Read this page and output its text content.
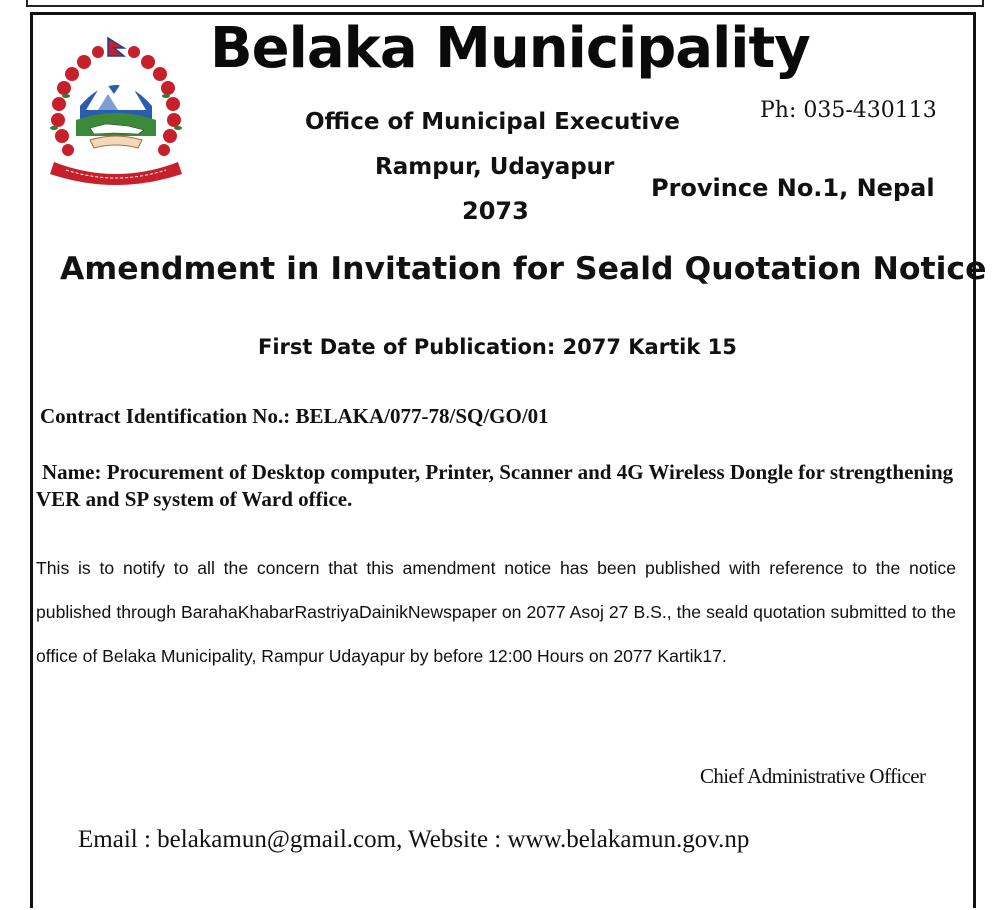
Belaka Municipality
Office of Municipal Executive
Rampur, Udayapur
2073
Ph: 035-430113
Province No.1, Nepal
Amendment in Invitation for Seald Quotation Notice
First Date of Publication: 2077 Kartik 15
Contract Identification No.: BELAKA/077-78/SQ/GO/01
Name: Procurement of Desktop computer, Printer, Scanner and 4G Wireless Dongle for strengthening VER and SP system of Ward office.
This is to notify to all the concern that this amendment notice has been published with reference to the notice published through BarahaKhabarRastriyaDainikNewspaper on 2077 Asoj 27 B.S., the seald quotation submitted to the office of Belaka Municipality, Rampur Udayapur by before 12:00 Hours on 2077 Kartik17.
Chief Administrative Officer
Email : belakamun@gmail.com, Website : www.belakamun.gov.np
